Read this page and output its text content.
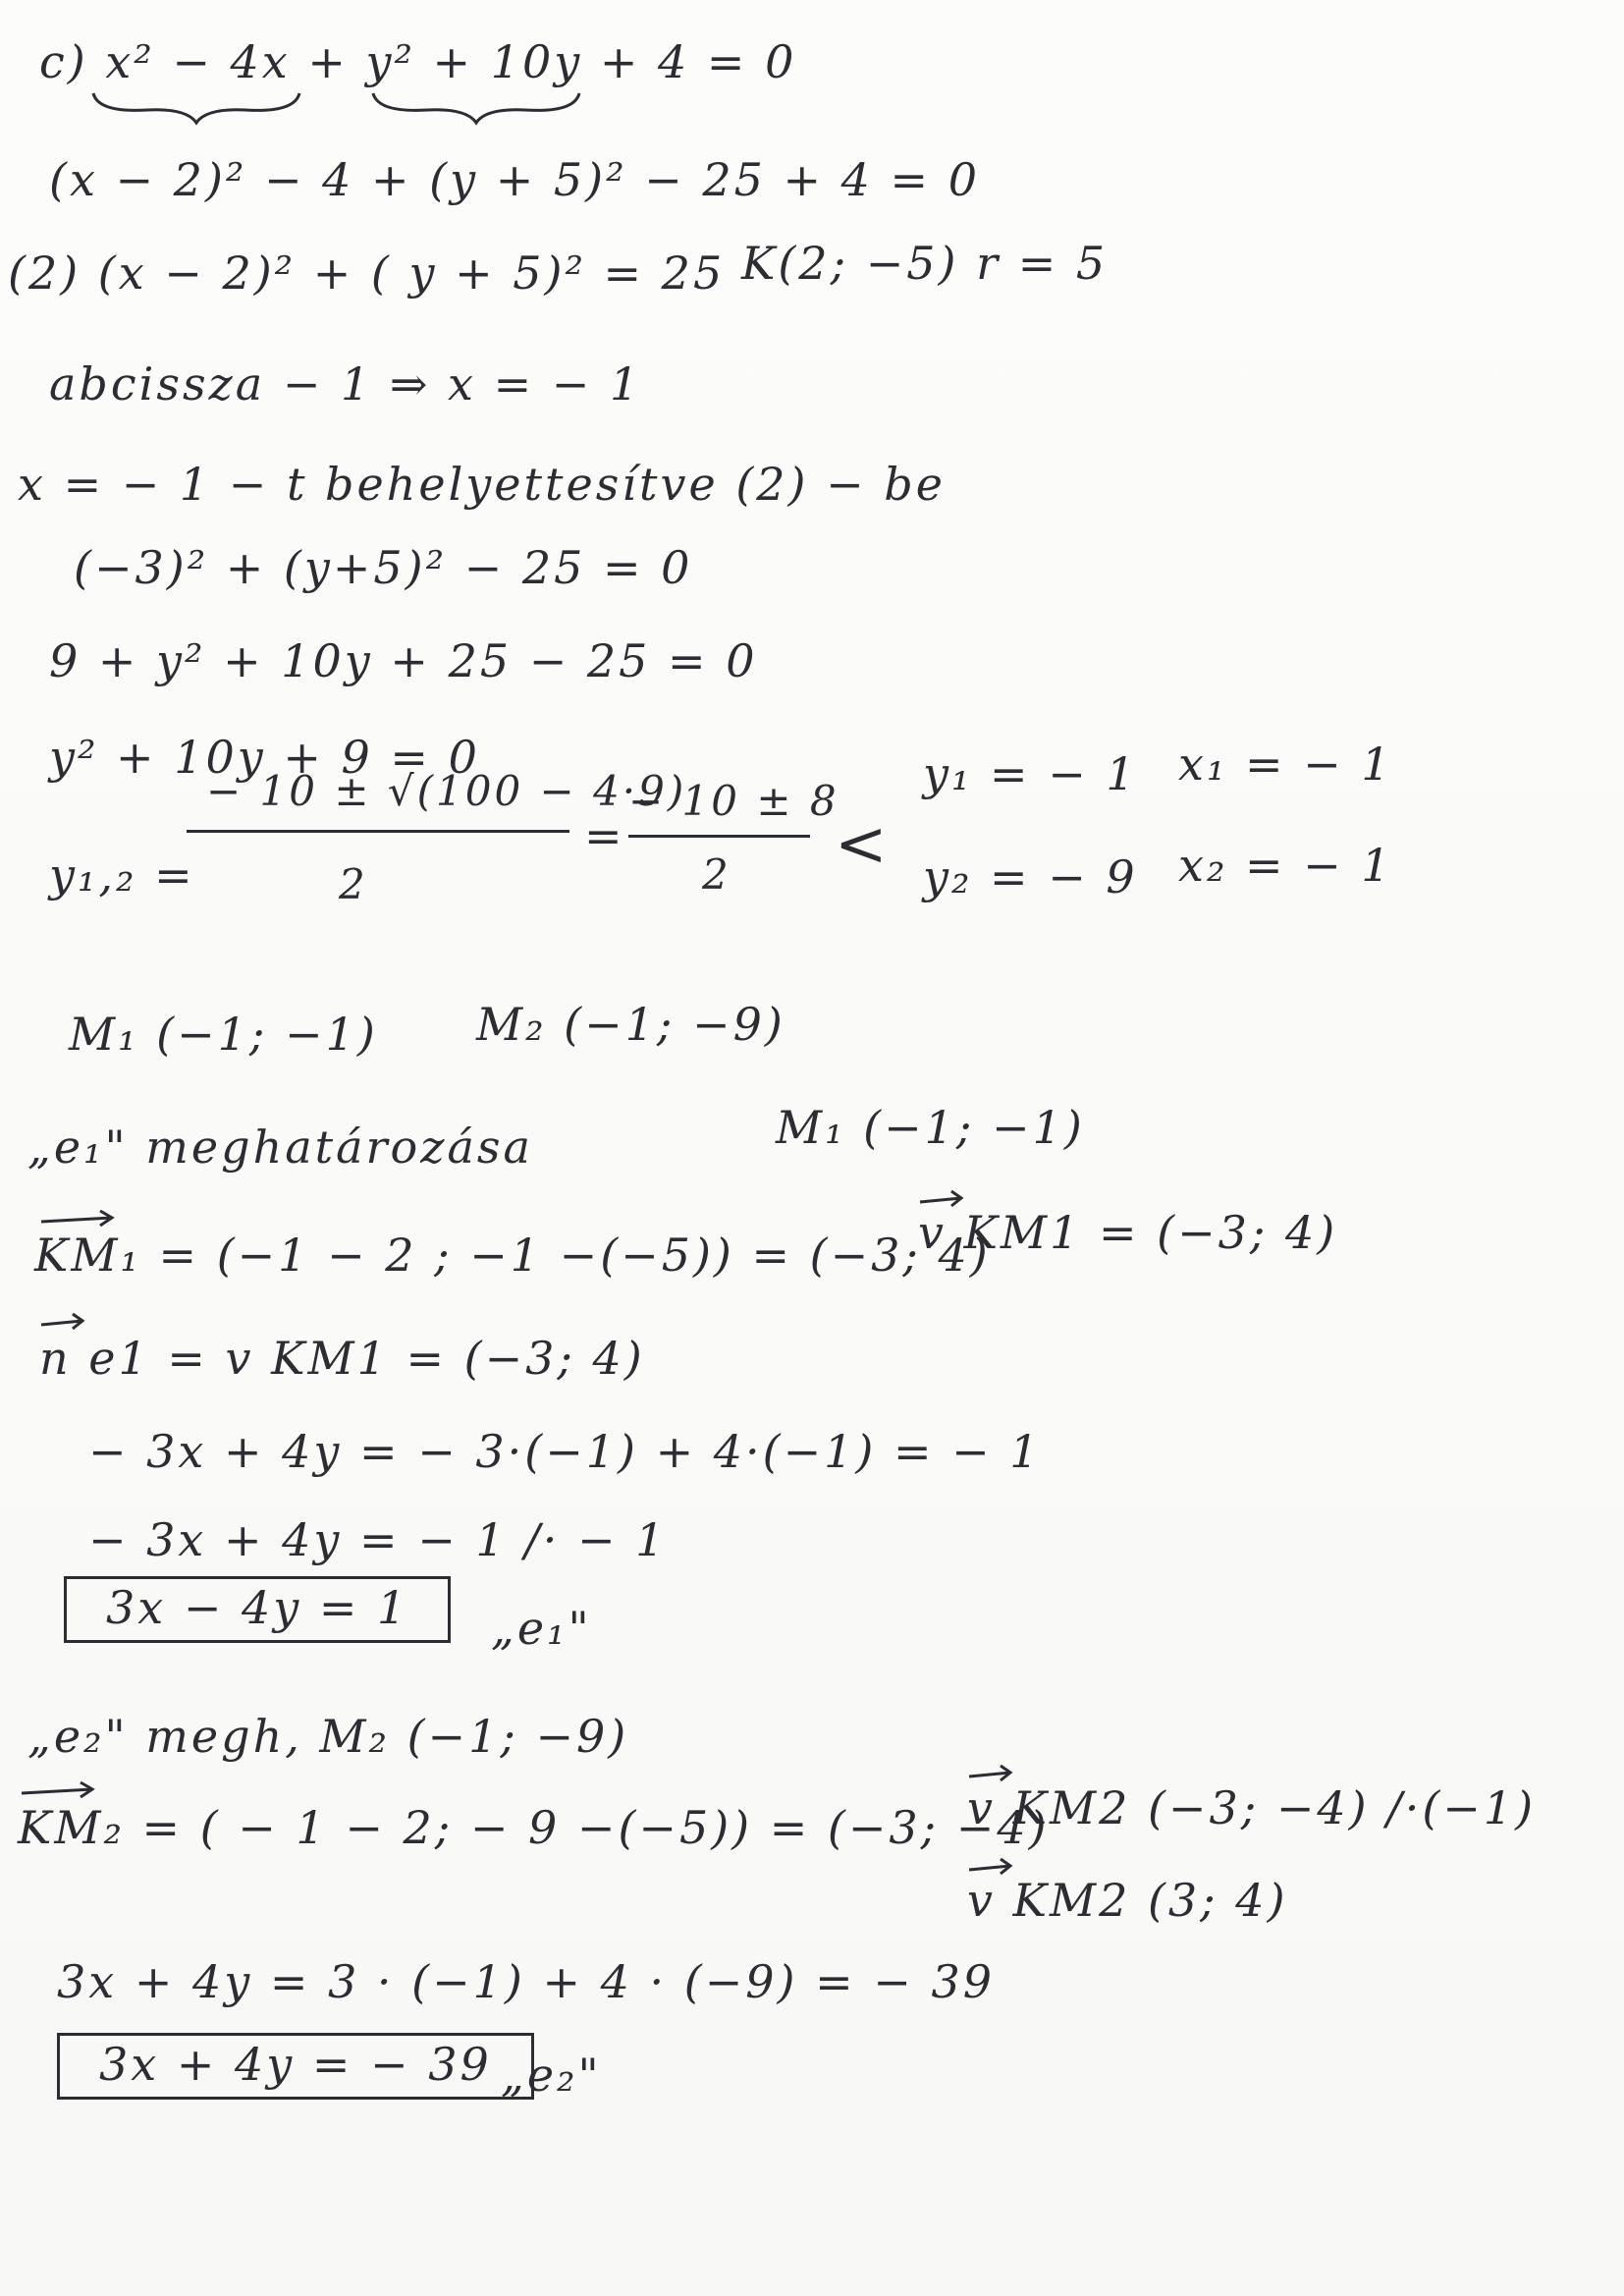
c) x² − 4x + y² + 10y + 4 = 0
(x − 2)² − 4 + (y + 5)² − 25 + 4 = 0
(2) (x − 2)² + ( y + 5)² = 25 K(2; −5) r = 5
abcissza − 1 ⇒ x = − 1
x = − 1 − t behelyettesítve (2) − be
(−3)² + (y+5)² − 25 = 0
9 + y² + 10y + 25 − 25 = 0
y² + 10y + 9 = 0
y₁,₂ =
− 10 ± √(100 − 4·9)
2
=
− 10 ± 8
2 <
y₁ = − 1 x₁ = − 1
y₂ = − 9 x₂ = − 1
M₁ (−1; −1) M₂ (−1; −9)
„e₁" meghatározása	M₁ (−1; −1)
KM₁ = (−1 − 2 ; −1 −(−5)) = (−3; 4)
v KM1 = (−3; 4)
n e1 = v KM1 = (−3; 4)
− 3x + 4y = − 3·(−1) + 4·(−1) = − 1
− 3x + 4y = − 1 /· − 1
3x − 4y = 1	„e₁"
„e₂" megh, M₂ (−1; −9)
KM₂ = ( − 1 − 2; − 9 −(−5)) = (−3; −4)
v KM2 (−3; −4) /·(−1)
v KM2 (3; 4)
3x + 4y = 3 · (−1) + 4 · (−9) = − 39
3x + 4y = − 39 „e₂"
